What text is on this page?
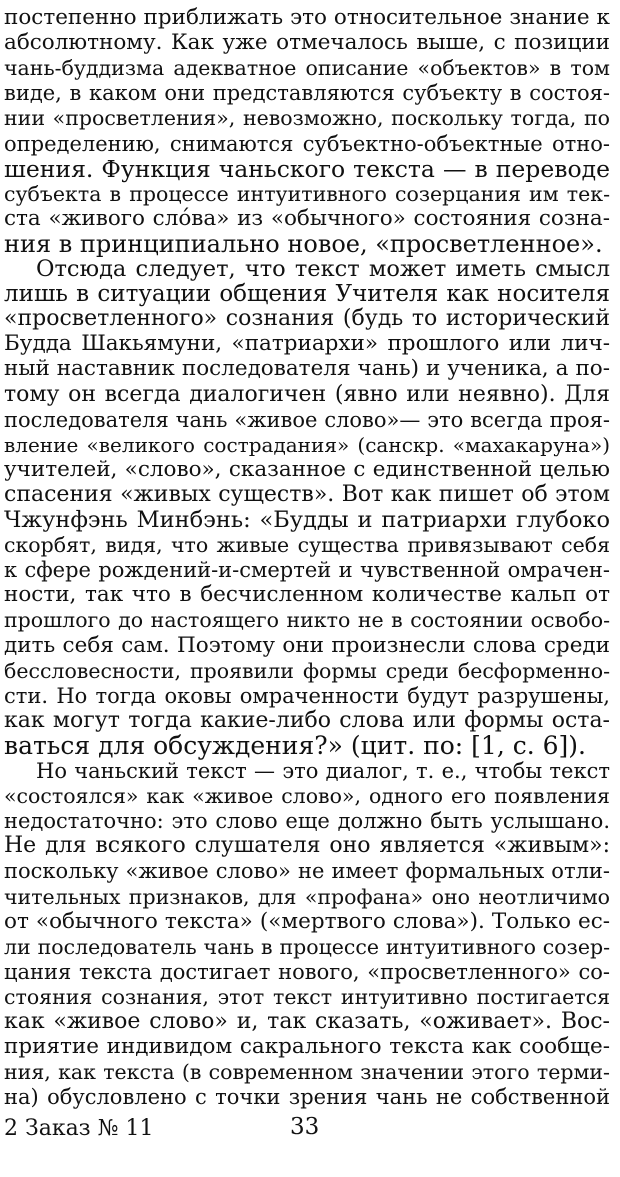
постепенно приближать это относительное знание к
абсолютному. Как уже отмечалось выше, с позиции
чань-буддизма адекватное описание «объектов» в том
виде, в каком они представляются субъекту в состоя-
нии «просветления», невозможно, поскольку тогда, по
определению, снимаются субъектно-объектные отно-
шения. Функция чаньского текста — в переводе
субъекта в процессе интуитивного созерцания им тек-
ста «живого сло́ва» из «обычного» состояния созна-
ния в принципиально новое, «просветленное».
Отсюда следует, что текст может иметь смысл
лишь в ситуации общения Учителя как носителя
«просветленного» сознания (будь то исторический
Будда Шакьямуни, «патриархи» прошлого или лич-
ный наставник последователя чань) и ученика, а по-
тому он всегда диалогичен (явно или неявно). Для
последователя чань «живое слово»— это всегда проя-
вление «великого сострадания» (санскр. «махакаруна»)
учителей, «слово», сказанное с единственной целью
спасения «живых существ». Вот как пишет об этом
Чжунфэнь Минбэнь: «Будды и патриархи глубоко
скорбят, видя, что живые существа привязывают себя
к сфере рождений-и-смертей и чувственной омрачен-
ности, так что в бесчисленном количестве кальп от
прошлого до настоящего никто не в состоянии освобо-
дить себя сам. Поэтому они произнесли слова среди
бессловесности, проявили формы среди бесформенно-
сти. Но тогда оковы омраченности будут разрушены,
как могут тогда какие-либо слова или формы оста-
ваться для обсуждения?» (цит. по: [1, с. 6]).
Но чаньский текст — это диалог, т. е., чтобы текст
«состоялся» как «живое слово», одного его появления
недостаточно: это слово еще должно быть услышано.
Не для всякого слушателя оно является «живым»:
поскольку «живое слово» не имеет формальных отли-
чительных признаков, для «профана» оно неотличимо
от «обычного текста» («мертвого слова»). Только ес-
ли последователь чань в процессе интуитивного созер-
цания текста достигает нового, «просветленного» со-
стояния сознания, этот текст интуитивно постигается
как «живое слово» и, так сказать, «оживает». Вос-
приятие индивидом сакрального текста как сообще-
ния, как текста (в современном значении этого терми-
на) обусловлено с точки зрения чань не собственной
2 Заказ № 11	33
